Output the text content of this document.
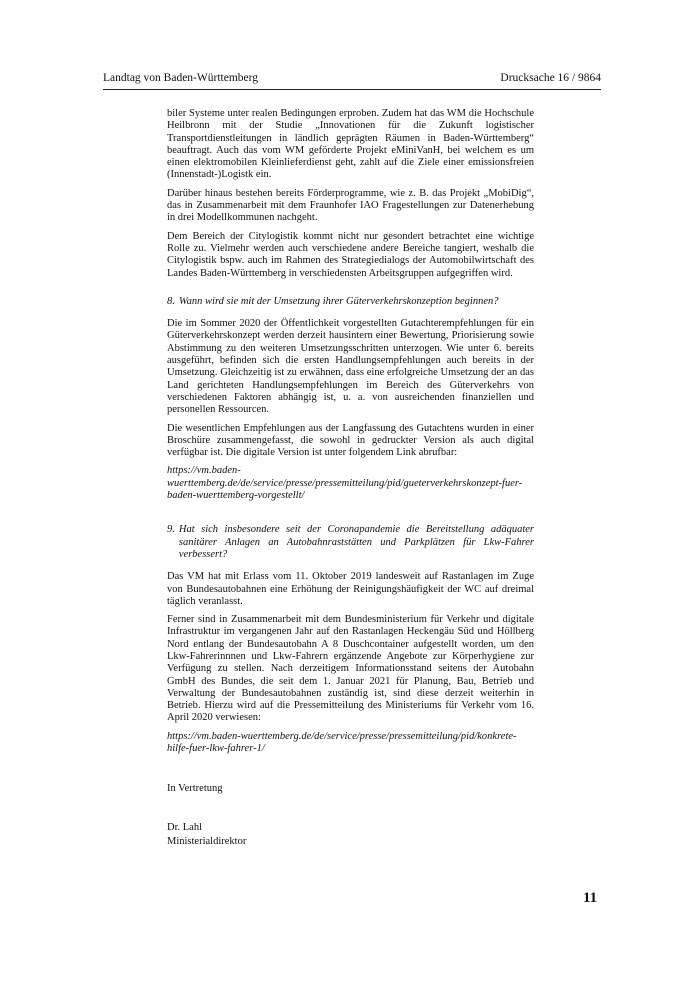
Landtag von Baden-Württemberg	Drucksache 16 / 9864

biler Systeme unter realen Bedingungen erproben. Zudem hat das WM die Hochschule Heilbronn mit der Studie „Innovationen für die Zukunft logistischer Transportdienstleitungen in ländlich geprägten Räumen in Baden-Württemberg“ beauftragt. Auch das vom WM geförderte Projekt eMiniVanH, bei welchem es um einen elektromobilen Kleinlieferdienst geht, zahlt auf die Ziele einer emissionsfreien (Innenstadt-)Logistk ein.

Darüber hinaus bestehen bereits Förderprogramme, wie z. B. das Projekt „MobiDig“, das in Zusammenarbeit mit dem Fraunhofer IAO Fragestellungen zur Datenerhebung in drei Modellkommunen nachgeht.

Dem Bereich der Citylogistik kommt nicht nur gesondert betrachtet eine wichtige Rolle zu. Vielmehr werden auch verschiedene andere Bereiche tangiert, weshalb die Citylogistik bspw. auch im Rahmen des Strategiedialogs der Automobilwirtschaft des Landes Baden-Württemberg in verschiedensten Arbeitsgruppen aufgegriffen wird.

8. Wann wird sie mit der Umsetzung ihrer Güterverkehrskonzeption beginnen?

Die im Sommer 2020 der Öffentlichkeit vorgestellten Gutachterempfehlungen für ein Güterverkehrskonzept werden derzeit hausintern einer Bewertung, Priorisierung sowie Abstimmung zu den weiteren Umsetzungsschritten unterzogen. Wie unter 6. bereits ausgeführt, befinden sich die ersten Handlungsempfehlungen auch bereits in der Umsetzung. Gleichzeitig ist zu erwähnen, dass eine erfolgreiche Umsetzung der an das Land gerichteten Handlungsempfehlungen im Bereich des Güterverkehrs von verschiedenen Faktoren abhängig ist, u. a. von ausreichenden finanziellen und personellen Ressourcen.

Die wesentlichen Empfehlungen aus der Langfassung des Gutachtens wurden in einer Broschüre zusammengefasst, die sowohl in gedruckter Version als auch digital verfügbar ist. Die digitale Version ist unter folgendem Link abrufbar:

https://vm.baden-wuerttemberg.de/de/service/presse/pressemitteilung/pid/gueterverkehrskonzept-fuer-baden-wuerttemberg-vorgestellt/

9. Hat sich insbesondere seit der Coronapandemie die Bereitstellung adäquater sanitärer Anlagen an Autobahnraststätten und Parkplätzen für Lkw-Fahrer verbessert?

Das VM hat mit Erlass vom 11. Oktober 2019 landesweit auf Rastanlagen im Zuge von Bundesautobahnen eine Erhöhung der Reinigungshäufigkeit der WC auf dreimal täglich veranlasst.

Ferner sind in Zusammenarbeit mit dem Bundesministerium für Verkehr und digitale Infrastruktur im vergangenen Jahr auf den Rastanlagen Heckengäu Süd und Höllberg Nord entlang der Bundesautobahn A 8 Duschcontainer aufgestellt worden, um den Lkw-Fahrerinnnen und Lkw-Fahrern ergänzende Angebote zur Körperhygiene zur Verfügung zu stellen. Nach derzeitigem Informationsstand seitens der Autobahn GmbH des Bundes, die seit dem 1. Januar 2021 für Planung, Bau, Betrieb und Verwaltung der Bundesautobahnen zuständig ist, sind diese derzeit weiterhin in Betrieb. Hierzu wird auf die Pressemitteilung des Ministeriums für Verkehr vom 16. April 2020 verwiesen:

https://vm.baden-wuerttemberg.de/de/service/presse/pressemitteilung/pid/konkrete-hilfe-fuer-lkw-fahrer-1/

In Vertretung

Dr. Lahl

Ministerialdirektor

11
